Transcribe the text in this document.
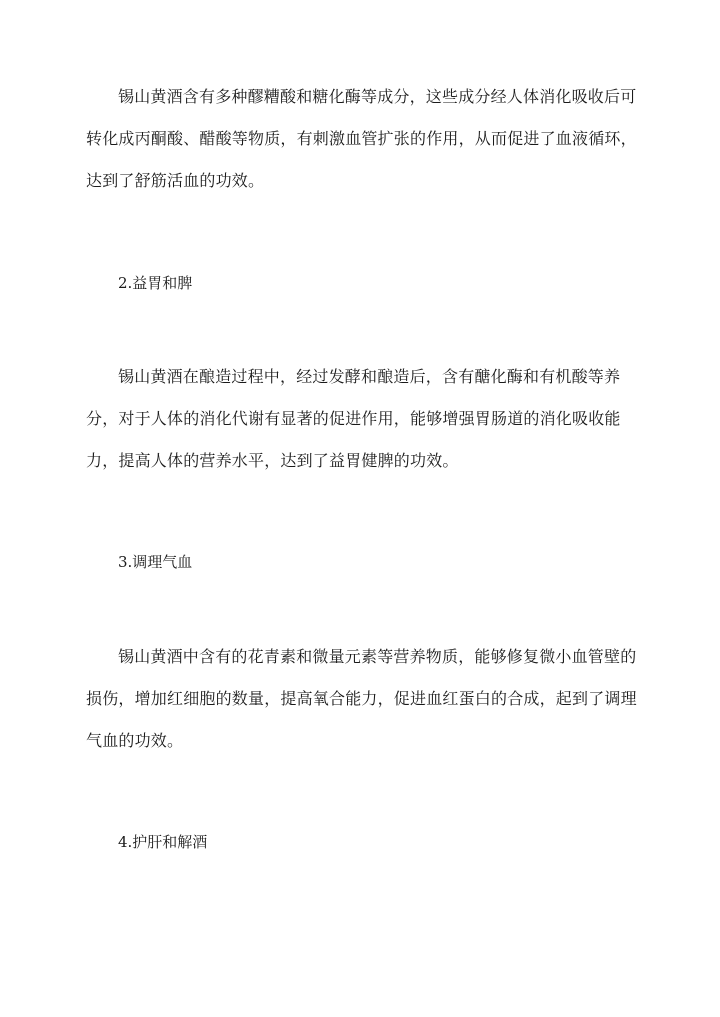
锡山黄酒含有多种醪糟酸和糖化酶等成分，这些成分经人体消化吸收后可转化成丙酮酸、醋酸等物质，有刺激血管扩张的作用，从而促进了血液循环，达到了舒筋活血的功效。

2.益胃和脾

锡山黄酒在酿造过程中，经过发酵和酿造后，含有醣化酶和有机酸等养分，对于人体的消化代谢有显著的促进作用，能够增强胃肠道的消化吸收能力，提高人体的营养水平，达到了益胃健脾的功效。

3.调理气血

锡山黄酒中含有的花青素和微量元素等营养物质，能够修复微小血管壁的损伤，增加红细胞的数量，提高氧合能力，促进血红蛋白的合成，起到了调理气血的功效。

4.护肝和解酒
